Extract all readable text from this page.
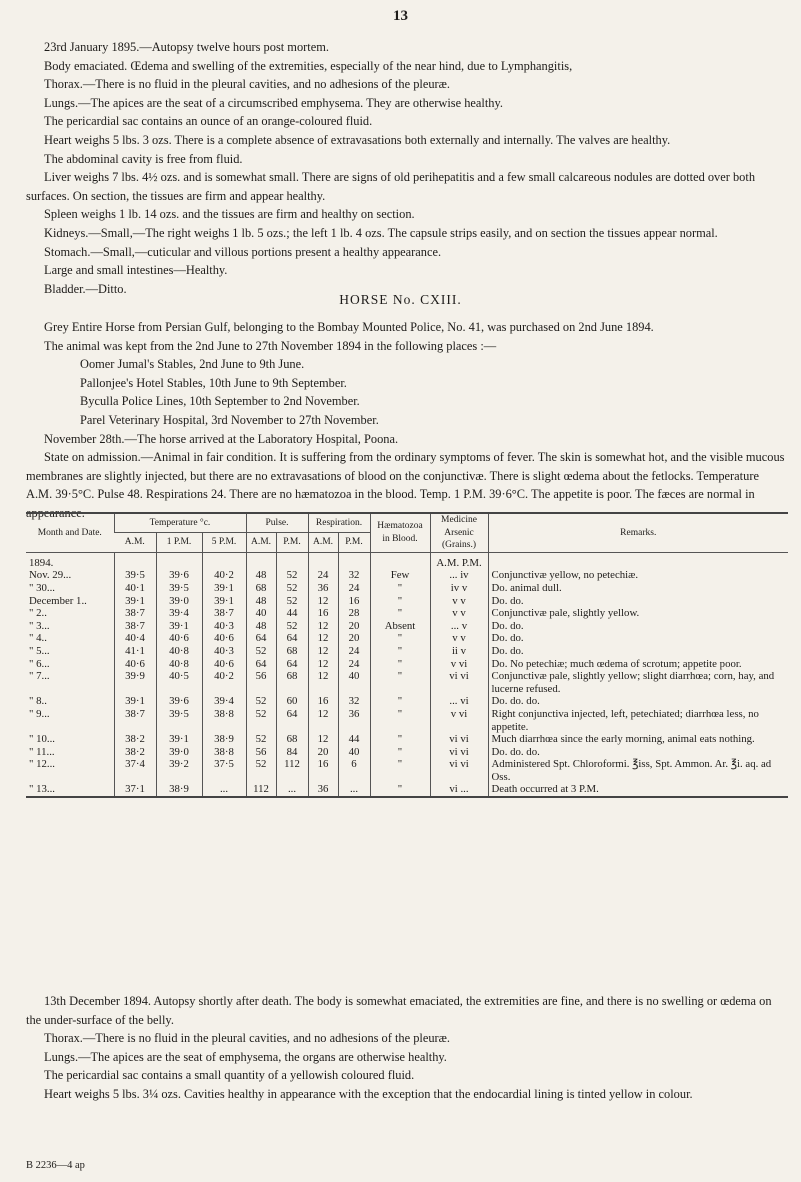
13

23rd January 1895.—Autopsy twelve hours post mortem.

Body emaciated. Œdema and swelling of the extremities, especially of the near hind, due to Lymphangitis,

Thorax.—There is no fluid in the pleural cavities, and no adhesions of the pleuræ.

Lungs.—The apices are the seat of a circumscribed emphysema. They are otherwise healthy.

The pericardial sac contains an ounce of an orange-coloured fluid.

Heart weighs 5 lbs. 3 ozs. There is a complete absence of extravasations both externally and internally. The valves are healthy.

The abdominal cavity is free from fluid.

Liver weighs 7 lbs. 4½ ozs. and is somewhat small. There are signs of old perihepatitis and a few small calcareous nodules are dotted over both surfaces. On section, the tissues are firm and appear healthy.

Spleen weighs 1 lb. 14 ozs. and the tissues are firm and healthy on section.

Kidneys.—Small,—The right weighs 1 lb. 5 ozs.; the left 1 lb. 4 ozs. The capsule strips easily, and on section the tissues appear normal.

Stomach.—Small,—cuticular and villous portions present a healthy appearance.

Large and small intestines—Healthy.

Bladder.—Ditto.

HORSE No. CXIII.

Grey Entire Horse from Persian Gulf, belonging to the Bombay Mounted Police, No. 41, was purchased on 2nd June 1894.

The animal was kept from the 2nd June to 27th November 1894 in the following places :—

Oomer Jumal's Stables, 2nd June to 9th June.

Pallonjee's Hotel Stables, 10th June to 9th September.

Byculla Police Lines, 10th September to 2nd November.

Parel Veterinary Hospital, 3rd November to 27th November.

November 28th.—The horse arrived at the Laboratory Hospital, Poona.

State on admission.—Animal in fair condition. It is suffering from the ordinary symptoms of fever. The skin is somewhat hot, and the visible mucous membranes are slightly injected, but there are no extravasations of blood on the conjunctivæ. There is slight œdema about the fetlocks. Temperature A.M. 39·5°C. Pulse 48. Respirations 24. There are no hæmatozoa in the blood. Temp. 1 P.M. 39·6°C. The appetite is poor. The fæces are normal in appearance.

Month and Date.	Temperature °c.			Pulse.		Respiration.		Hæmatozoa in Blood.	Medicine Arsenic (Grains.)	Remarks.
	A.M.	1 P.M.	5 P.M.	A.M.	P.M.	A.M.	P.M.			
1894.									A.M. P.M.	
Nov. 29...	39·5	39·6	40·2	48	52	24	32	Few	... iv	Conjunctivæ yellow, no petechiæ.
" 30...	40·1	39·5	39·1	68	52	36	24	"	iv v	Do. animal dull.
December 1..	39·1	39·0	39·1	48	52	12	16	"	v v	Do. do.
" 2..	38·7	39·4	38·7	40	44	16	28	"	v v	Conjunctivæ pale, slightly yellow.
" 3...	38·7	39·1	40·3	48	52	12	20	Absent	... v	Do. do.
" 4..	40·4	40·6	40·6	64	64	12	20	"	v v	Do. do.
" 5...	41·1	40·8	40·3	52	68	12	24	"	ii v	Do. do.
" 6...	40·6	40·8	40·6	64	64	12	24	"	v vi	Do. No petechiæ; much œdema of scrotum; appetite poor.
" 7...	39·9	40·5	40·2	56	68	12	40	"	vi vi	Conjunctivæ pale, slightly yellow; slight diarrhœa; corn, hay, and lucerne refused.
" 8..	39·1	39·6	39·4	52	60	16	32	"	... vi	Do. do. do.
" 9...	38·7	39·5	38·8	52	64	12	36	"	v vi	Right conjunctiva injected, left, petechiated; diarrhœa less, no appetite.
" 10...	38·2	39·1	38·9	52	68	12	44	"	vi vi	Much diarrhœa since the early morning, animal eats nothing.
" 11...	38·2	39·0	38·8	56	84	20	40	"	vi vi	Do. do. do.
" 12...	37·4	39·2	37·5	52	112	16	6	"	vi vi	Administered Spt. Chloroformi. ℥iss, Spt. Ammon. Ar. ℥i. aq. ad Oss.
" 13...	37·1	38·9	...	112	...	36	...	"	vi ...	Death occurred at 3 P.M.

13th December 1894. Autopsy shortly after death. The body is somewhat emaciated, the extremities are fine, and there is no swelling or œdema on the under-surface of the belly.

Thorax.—There is no fluid in the pleural cavities, and no adhesions of the pleuræ.

Lungs.—The apices are the seat of emphysema, the organs are otherwise healthy.

The pericardial sac contains a small quantity of a yellowish coloured fluid.

Heart weighs 5 lbs. 3¼ ozs. Cavities healthy in appearance with the exception that the endocardial lining is tinted yellow in colour.

B 2236—4 ap
